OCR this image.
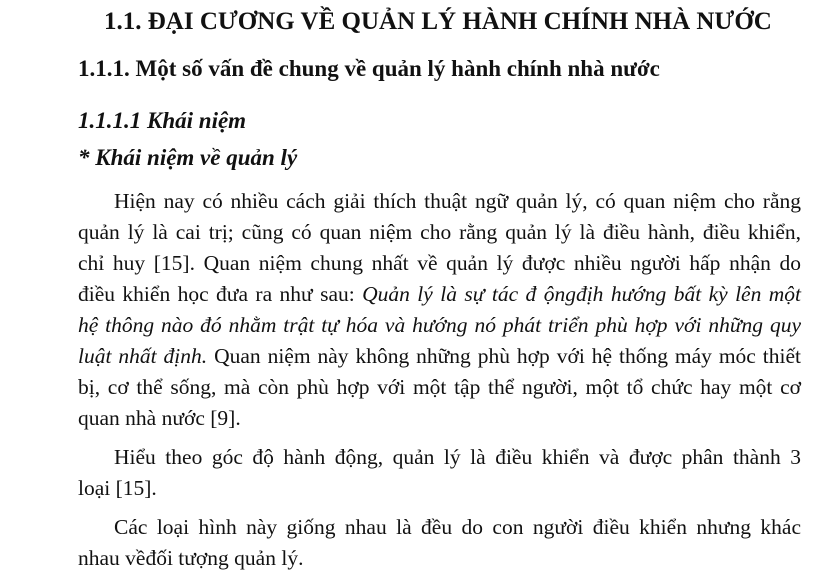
1.1. ĐẠI CƯƠNG VỀ QUẢN LÝ HÀNH CHÍNH NHÀ NƯỚC
1.1.1. Một số vấn đề chung về quản lý hành chính nhà nước
1.1.1.1 Khái niệm
* Khái niệm về quản lý
Hiện nay có nhiều cách giải thích thuật ngữ quản lý, có quan niệm cho rằng
quản lý là cai trị; cũng có quan niệm cho rằng quản lý là điều hành, điều khiển,
chỉ huy [15]. Quan niệm chung nhất về quản lý được nhiều người hấp nhận do
điều khiển học đưa ra như sau: Quản lý là sự tác đ ộngđịh hướng bất kỳ lên một
hệ thông nào đó nhằm trật tự hóa và hướng nó phát triển phù hợp với những quy
luật nhất định. Quan niệm này không những phù hợp với hệ thống máy móc thiết
bị, cơ thể sống, mà còn phù hợp với một tập thể người, một tổ chức hay một cơ
quan nhà nước [9].
Hiểu theo góc độ hành động, quản lý là điều khiển và được phân thành 3
loại [15].
Các loại hình này giống nhau là đều do con người điều khiển nhưng khác
nhau vềđối tượng quản lý.
